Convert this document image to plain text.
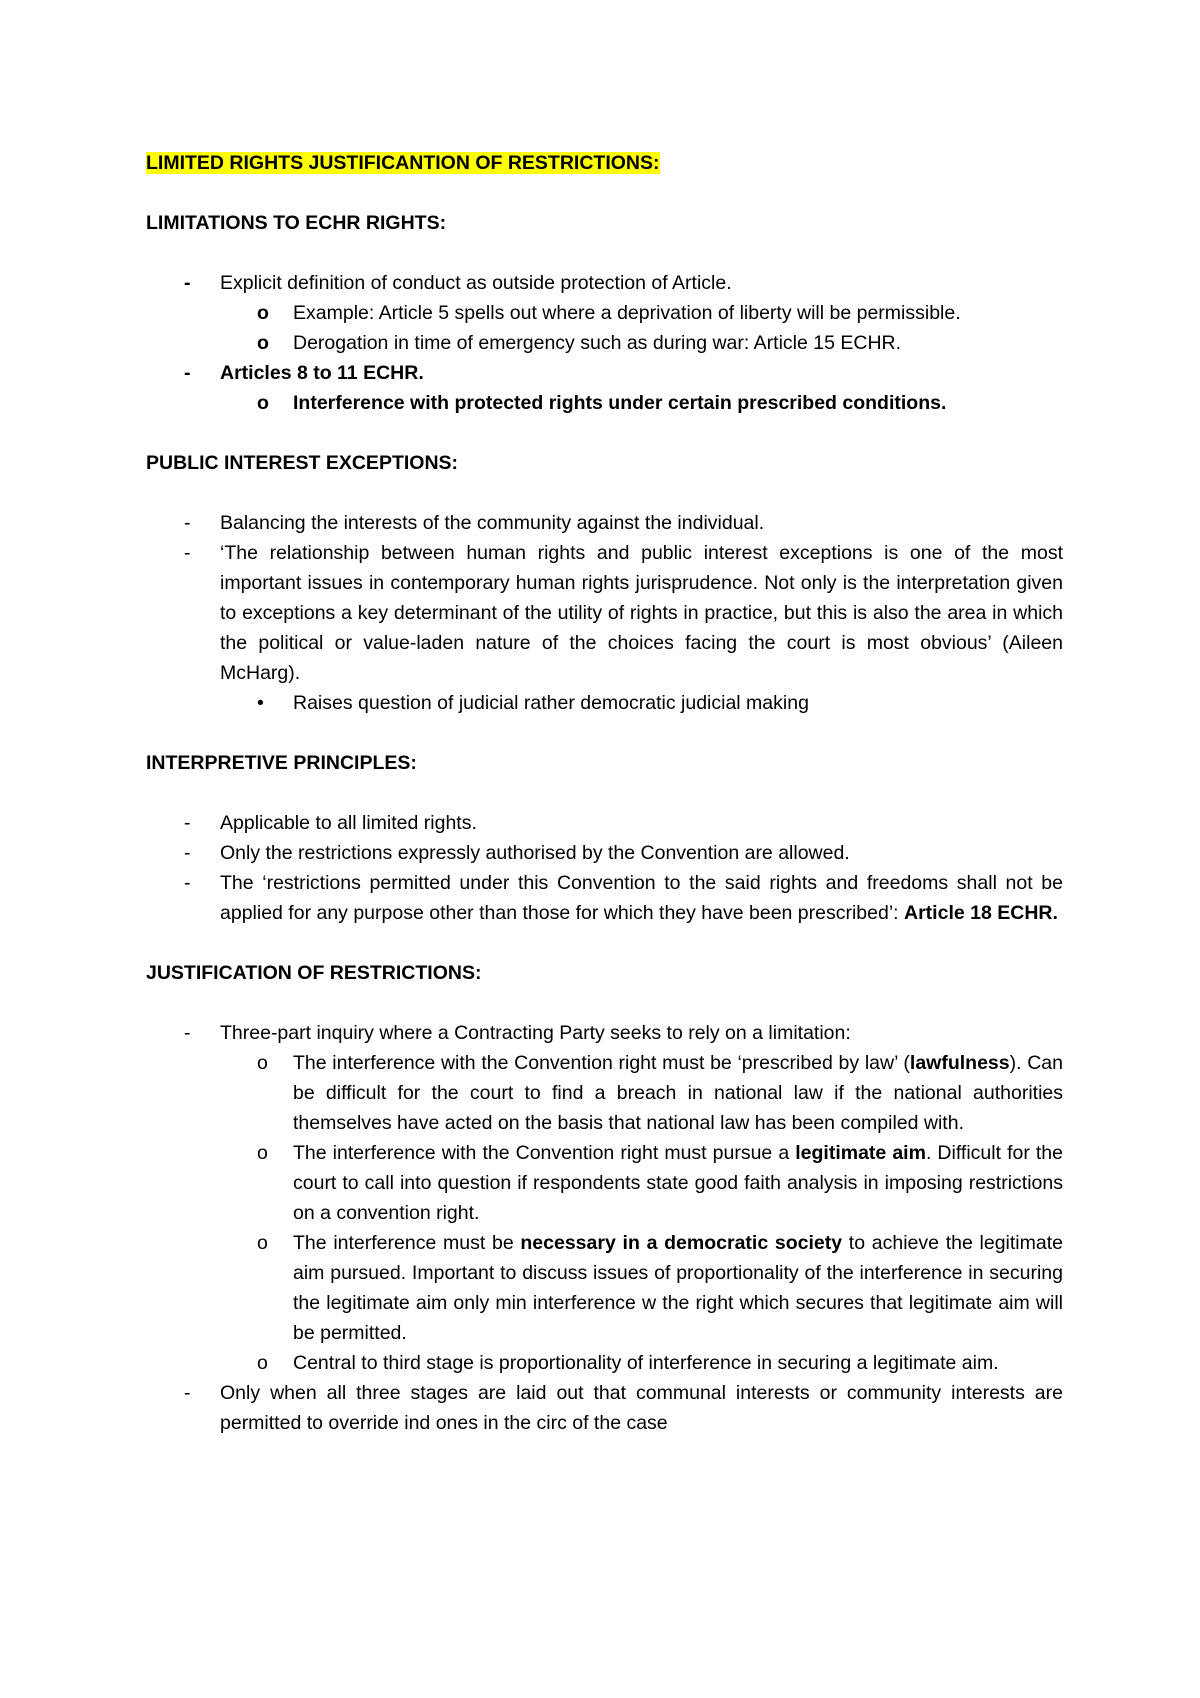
LIMITED RIGHTS JUSTIFICANTION OF RESTRICTIONS:

LIMITATIONS TO ECHR RIGHTS:

- Explicit definition of conduct as outside protection of Article.
o Example: Article 5 spells out where a deprivation of liberty will be permissible.
o Derogation in time of emergency such as during war: Article 15 ECHR.
- Articles 8 to 11 ECHR.
o Interference with protected rights under certain prescribed conditions.

PUBLIC INTEREST EXCEPTIONS:

- Balancing the interests of the community against the individual.
- ‘The relationship between human rights and public interest exceptions is one of the most important issues in contemporary human rights jurisprudence. Not only is the interpretation given to exceptions a key determinant of the utility of rights in practice, but this is also the area in which the political or value-laden nature of the choices facing the court is most obvious’ (Aileen McHarg).
• Raises question of judicial rather democratic judicial making

INTERPRETIVE PRINCIPLES:

- Applicable to all limited rights.
- Only the restrictions expressly authorised by the Convention are allowed.
- The ‘restrictions permitted under this Convention to the said rights and freedoms shall not be applied for any purpose other than those for which they have been prescribed’: Article 18 ECHR.

JUSTIFICATION OF RESTRICTIONS:

- Three-part inquiry where a Contracting Party seeks to rely on a limitation:
o The interference with the Convention right must be ‘prescribed by law’ (lawfulness). Can be difficult for the court to find a breach in national law if the national authorities themselves have acted on the basis that national law has been compiled with.
o The interference with the Convention right must pursue a legitimate aim. Difficult for the court to call into question if respondents state good faith analysis in imposing restrictions on a convention right.
o The interference must be necessary in a democratic society to achieve the legitimate aim pursued. Important to discuss issues of proportionality of the interference in securing the legitimate aim only min interference w the right which secures that legitimate aim will be permitted.
o Central to third stage is proportionality of interference in securing a legitimate aim.
- Only when all three stages are laid out that communal interests or community interests are permitted to override ind ones in the circ of the case
